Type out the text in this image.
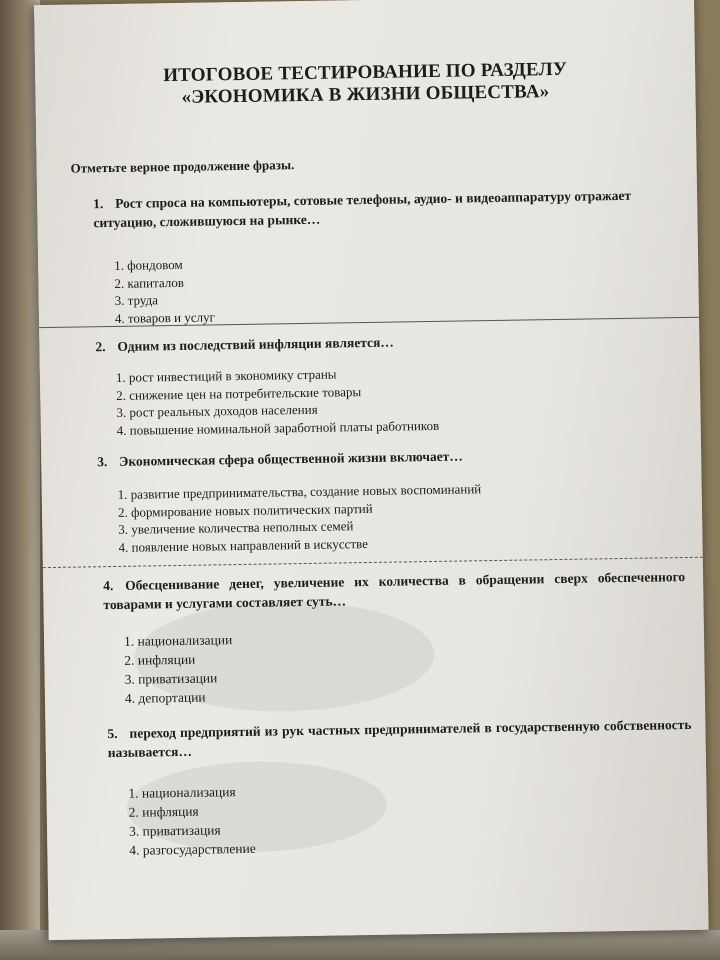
ИТОГОВОЕ ТЕСТИРОВАНИЕ ПО РАЗДЕЛУ
«ЭКОНОМИКА В ЖИЗНИ ОБЩЕСТВА»
Отметьте верное продолжение фразы.
1. Рост спроса на компьютеры, сотовые телефоны, аудио- и видеоаппаратуру отражает ситуацию, сложившуюся на рынке…
1. фондовом
2. капиталов
3. труда
4. товаров и услуг
2. Одним из последствий инфляции является…
1. рост инвестиций в экономику страны
2. снижение цен на потребительские товары
3. рост реальных доходов населения
4. повышение номинальной заработной платы работников
3. Экономическая сфера общественной жизни включает…
1. развитие предпринимательства, создание новых воспоминаний
2. формирование новых политических партий
3. увеличение количества неполных семей
4. появление новых направлений в искусстве
4. Обесценивание денег, увеличение их количества в обращении сверх обеспеченного товарами и услугами составляет суть…
1. национализации
2. инфляции
3. приватизации
4. депортации
5. переход предприятий из рук частных предпринимателей в государственную собственность называется…
1. национализация
2. инфляция
3. приватизация
4. разгосударствление
